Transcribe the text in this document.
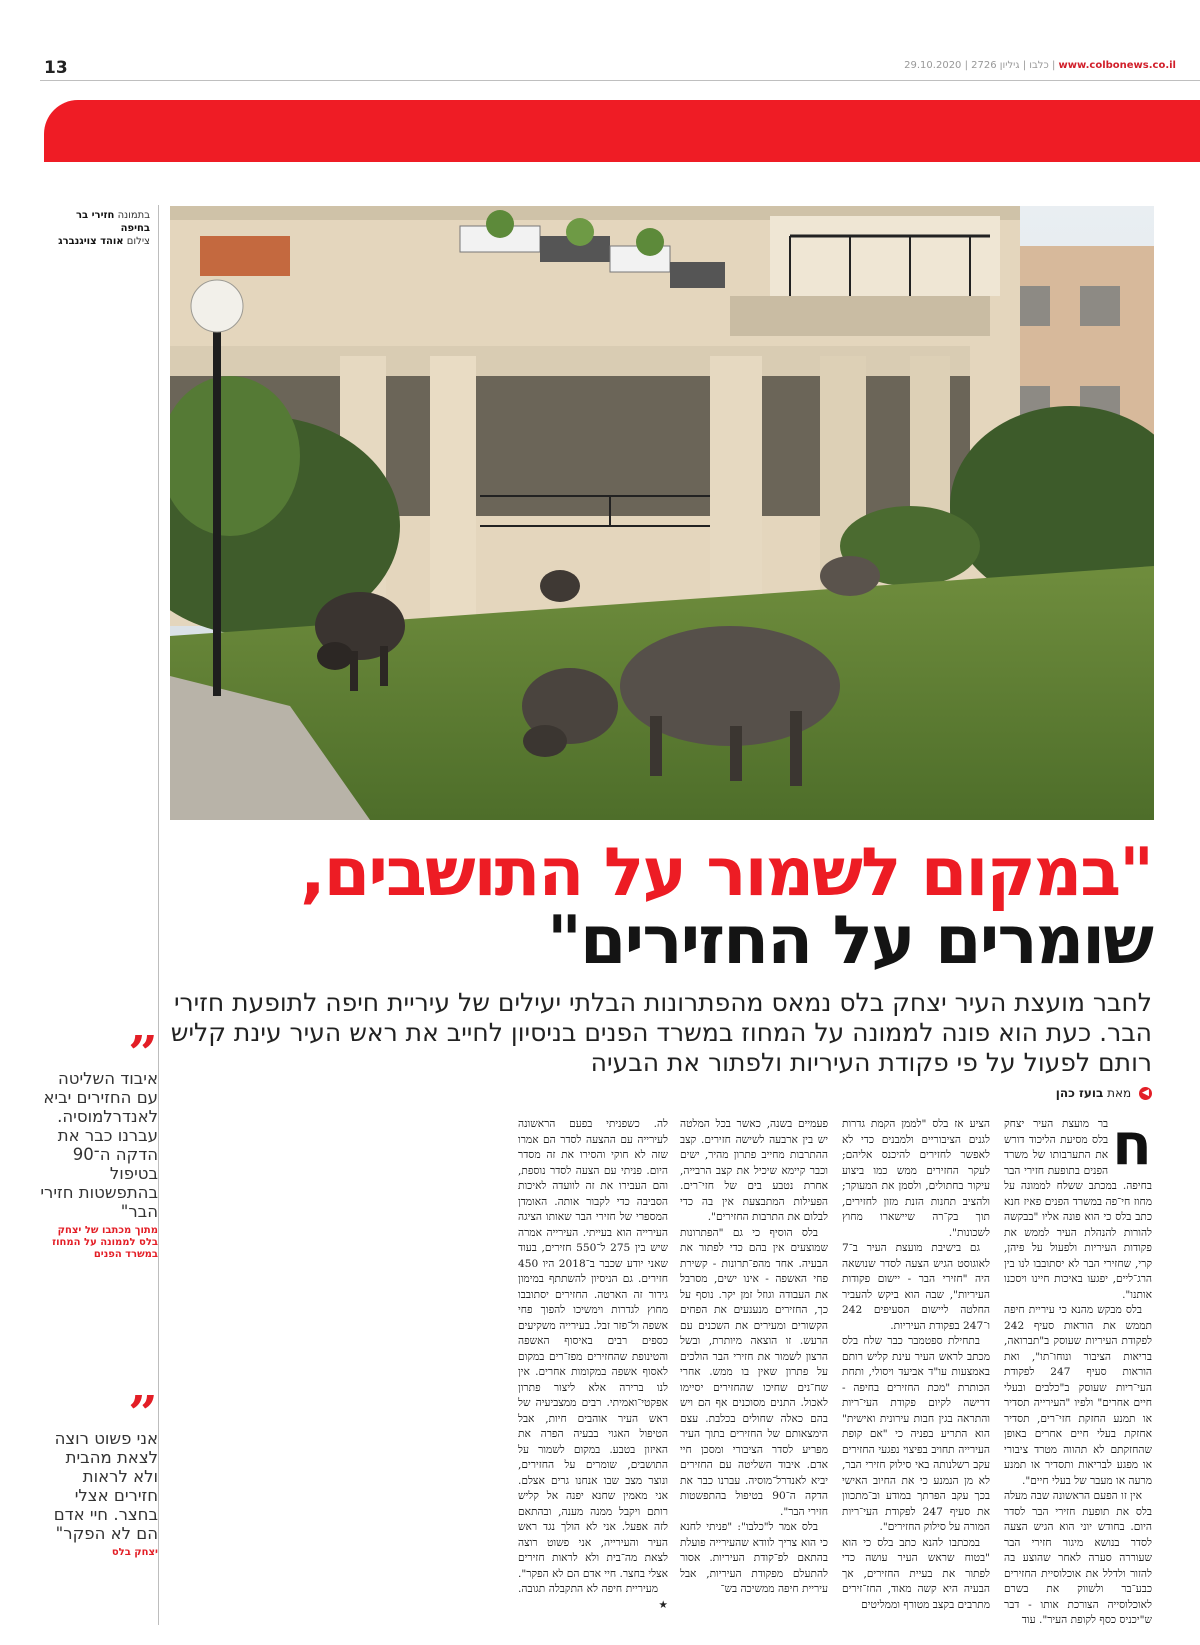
13	www.colbonews.co.il | כלבו | גיליון 2726 | 29.10.2020
בתמונה חזירי בר
בחיפה
צילום אוהד צויגנברג
"במקום לשמור על התושבים,
שומרים על החזירים"
לחבר מועצת העיר יצחק בלס נמאס מהפתרונות הבלתי יעילים של עיריית חיפה לתופעת חזירי הבר. כעת הוא פונה לממונה על המחוז במשרד הפנים בניסיון לחייב את ראש העיר עינת קליש רותם לפעול על פי פקודת העיריות ולפתור את הבעיה
◀ מאת בועז כהן

ח
בר מועצת העיר יצחק בלס מסיעת הליכוד דורש את התערבותו של משרד הפנים בתופעת חזירי הבר בחיפה. במכתב ששלח לממונה על מחוז חי־פה במשרד הפנים פאיז חנא כתב בלס כי הוא פונה אליו "בבקשה להורות להנהלת העיר לממש את פקודות העיריות ולפעול על פיהן, קרי, שחזירי הבר לא יסתובבו לנו בין הרג־ליים, יפגעו באיכות חיינו ויסכנו אותנו".

בלס מבקש מהנא כי עיריית חיפה תממש את הוראות סעיף 242 לפקודת העיריות שעוסק ב"תברואה, בריאות הציבור ונוחו־תו", ואת הוראות סעיף 247 לפקודת העי־ריות שעוסק ב"כלבים ובעלי חיים אחרים" ולפיו "העירייה תסדיר או תמנע החזקת חזי־רים, תסדיר אחזקת בעלי חיים אחרים באופן שהחזקתם לא תהווה מטרד ציבורי או מפגע לבריאות ותסדיר או תמנע מרעה או מעבר של בעלי חיים".

אין זו הפעם הראשונה שבה מעלה בלס את תופעת חזירי הבר לסדר היום. בחודש יוני הוא הגיש הצעה לסדר בנושא מיגור חזירי הבר שעוררה סערה לאחר שהוצע בה להזור ולדלל את אוכלוסיית החזירים כבע־בר ולשווק את בשרם לאוכלוסייה הצורכת אותו - דבר ש"יכניס כסף לקופת העיר". עוד

הציע אז בלס "לממן הקמת גדרות לגנים הציבוריים ולמבנים כדי לא לאפשר לחזירים להיכנס אליהם; לעקר החזירים ממש כמו ביצוע עיקור בחתולים, ולסמן את המעוקר; ולהציב תחנות הזנת מזון לחזירים, תוך בק־רה שיישארו מחוץ לשכונות".

גם בישיבת מועצת העיר ב־7 לאוגוסט הגיש הצעה לסדר שנושאה היה "חזירי הבר - יישום פקודות העיריות", שבה הוא ביקש להעביר החלטה ליישום הסעיפים 242 ו־247 בפקודת העיריות.

בתחילת ספטמבר כבר שלח בלס מכתב לראש העיר עינת קליש רותם באמצעות עו"ד אביעד ויסולי, ותחת הכותרת "מכת החזירים בחיפה - דרישה לקיום פקודת העי־ריות והתראה בגין חבות עירונית ואישית" הוא התריע בפניה כי "אם קופת העירייה תחויב בפיצוי נפגעי החזירים עקב רשלנותה באי סילוק חזירי הבר, לא מן הנמנע כי את החיוב האישי בכך עקב הפרתך במודע וב־מתכוון את סעיף 247 לפקודת העי־ריות המורה על סילוק החזירים".

במכתבו להנא כתב בלס כי הוא "בטוח שראש העיר עושה כדי לפתור את בעיית החזירים, אך הבעיה היא קשה מאוד, החז־זירים מתרבים בקצב מטורף וממליטים

פעמיים בשנה, כאשר בכל המלטה יש בין ארבעה לשישה חזירים. קצב ההתרבות מחייב פתרון מהיר, ישים וכבר קיימא שיכיל את קצב הרבייה, אחרת נטבע בים של חזי־רים. הפעילות המתבצעת אין בה כדי לבלום את התרבות החזירים".

בלס הוסיף כי גם "הפתרונות שמוצעים אין בהם כדי לפתור את הבעיה. אחד מהפ־תרונות - קשירת פחי האשפה - אינו ישים, מסרבל את העבודה וגוזל זמן יקר. נוסף על כך, החזירים מנענעים את הפחים הקשורים ומעירים את השכנים עם הרעש. זו הוצאה מיותרת, ובשל הרצון לשמור את חזירי הבר הולכים על פתרון שאין בו ממש. אחרי שח־נים שחיכו שהחזירים יסיימו לאכול. התנים מסוכנים אף הם ויש בהם כאלה שחולים בכלבת. עצם הימצאותם של החזירים בתוך העיר מפריע לסדר הציבורי ומסכן חיי אדם. איבוד השליטה עם החזירים יביא לאנדרל־מוסיה. עברנו כבר את הדקה ה־90 בטיפול בהתפשטות חזירי הבר".

בלס אמר ל"כלבו": "פניתי לחנא כי הוא צריך לוודא שהעירייה פועלת בהתאם לפ־קודת העיריות. אסור להתעלם מפקודת העיריות, אבל עיריית חיפה ממשיכה בש־

לה. כשפניתי בפעם הראשונה לעירייה עם ההצעה לסדר הם אמרו שזה לא חוקי והסירו את זה מסדר היום. פניתי עם הצעה לסדר נוספת, והם העבירו את זה לוועדה לאיכות הסביבה כדי לקבור אותה. האומדן המספרי של חזירי הבר שאותו הציגה העירייה הוא בעייתי. העירייה אמרה שיש בין 275 ל־550 חזירים, בעוד שאני יודע שכבר ב־2018 היו 450 חזירים. גם הניסיון להשתתף במימון גידור זה הארטה. החזירים יסתובבו מחוץ לגדרות וימשיכו להפוך פחי אשפה ול־פזר זבל. בעירייה משקיעים כספים רבים באיסוף האשפה והטינופת שהחזירים מפז־רים במקום לאסוף אשפה במקומות אחרים. אין לנו ברירה אלא ליצור פתרון אפקטי־ואמיתי. רבים ממצביעיה של ראש העיר אוהבים חיות, אבל הטיפול האגוי בבעיה הפרה את האיזון בטבע. במקום לשמור על התושבים, שומרים על החזירים, ונוצר מצב שבו אנחנו גרים אצלם. אני מאמין שחנא יפנה אל קליש רותם ויקבל ממנה מענה, ובהתאם לזה אפעל. אני לא הולך נגד ראש העיר והעירייה, אני פשוט רוצה לצאת מה־בית ולא לראות חזירים אצלי בחצר. חיי אדם הם לא הפקר".

מעיריית חיפה לא התקבלה תגובה. ★

”
איבוד השליטה עם החזירים יביא לאנדרלמוסיה. עברנו כבר את הדקה ה־90 בטיפול בהתפשטות חזירי הבר"
מתוך מכתבו של יצחק בלס לממונה על המחוז במשרד הפנים
”
אני פשוט רוצה לצאת מהבית ולא לראות חזירים אצלי בחצר. חיי אדם הם לא הפקר"
יצחק בלס
